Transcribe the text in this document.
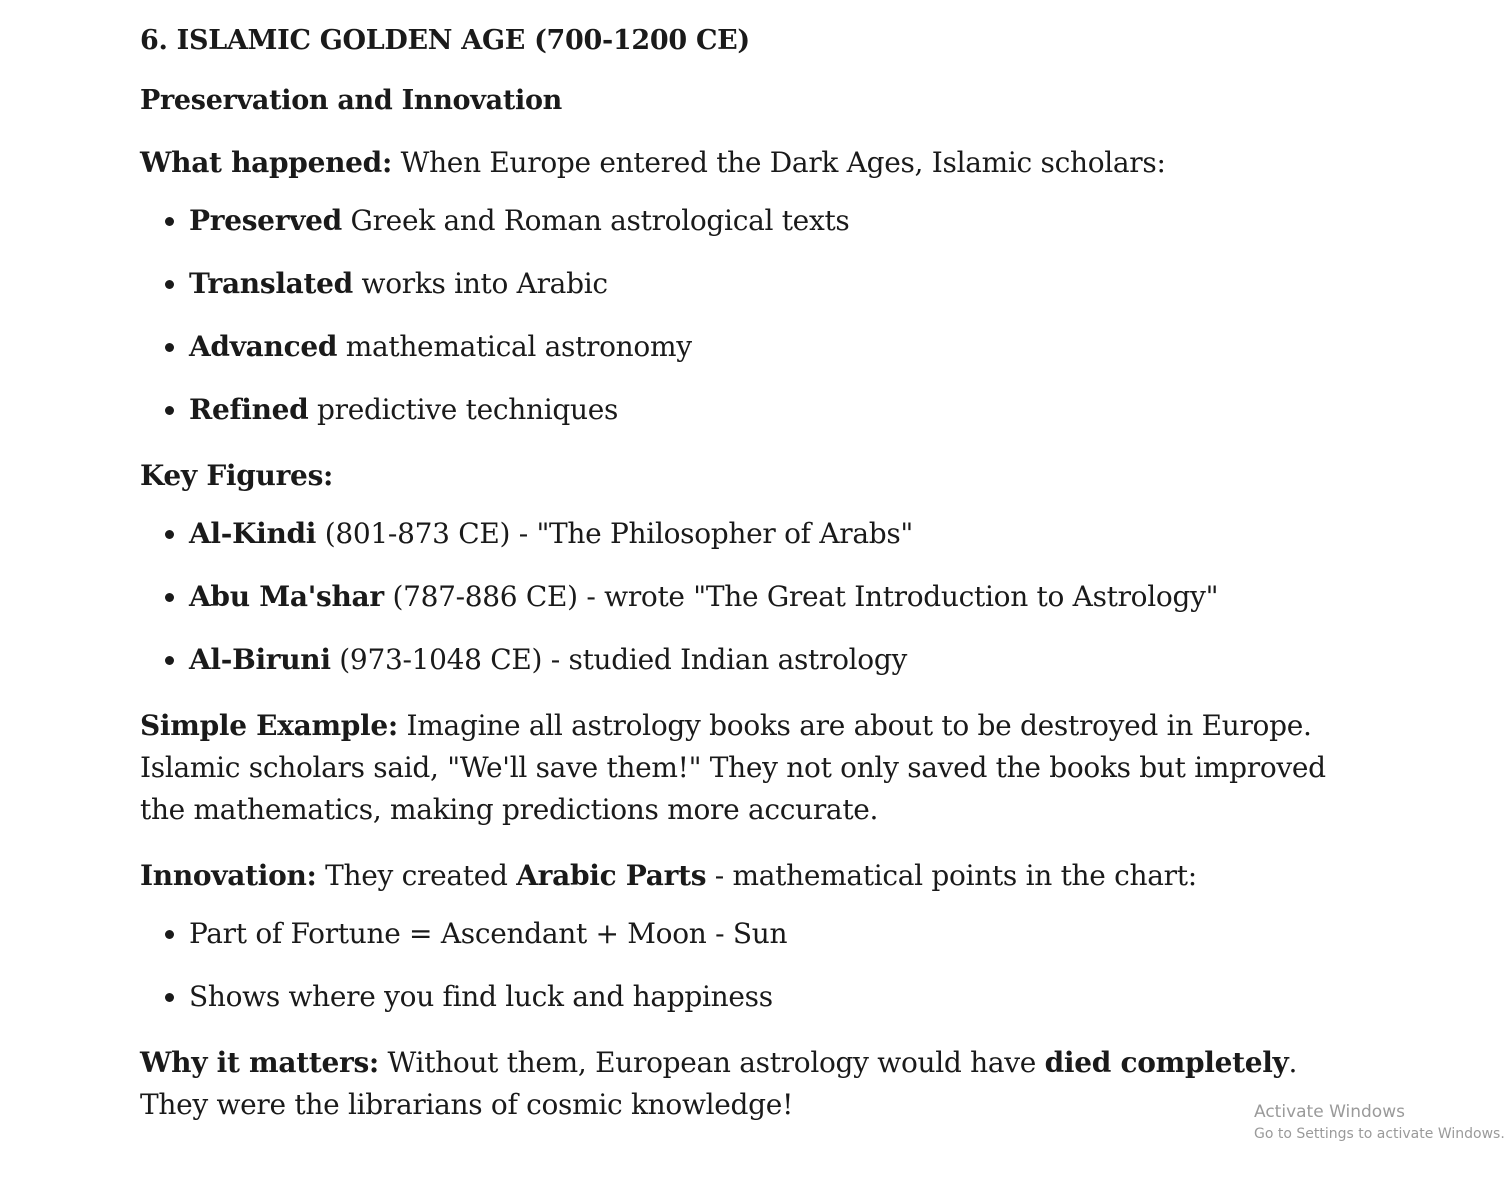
6. ISLAMIC GOLDEN AGE (700-1200 CE)
Preservation and Innovation

What happened: When Europe entered the Dark Ages, Islamic scholars:

• Preserved Greek and Roman astrological texts
• Translated works into Arabic
• Advanced mathematical astronomy
• Refined predictive techniques

Key Figures:

• Al-Kindi (801-873 CE) - "The Philosopher of Arabs"
• Abu Ma'shar (787-886 CE) - wrote "The Great Introduction to Astrology"
• Al-Biruni (973-1048 CE) - studied Indian astrology

Simple Example: Imagine all astrology books are about to be destroyed in Europe. Islamic scholars said, "We'll save them!" They not only saved the books but improved the mathematics, making predictions more accurate.

Innovation: They created Arabic Parts - mathematical points in the chart:

• Part of Fortune = Ascendant + Moon - Sun
• Shows where you find luck and happiness

Why it matters: Without them, European astrology would have died completely. They were the librarians of cosmic knowledge!	Activate Windows
Go to Settings to activate Windows.
